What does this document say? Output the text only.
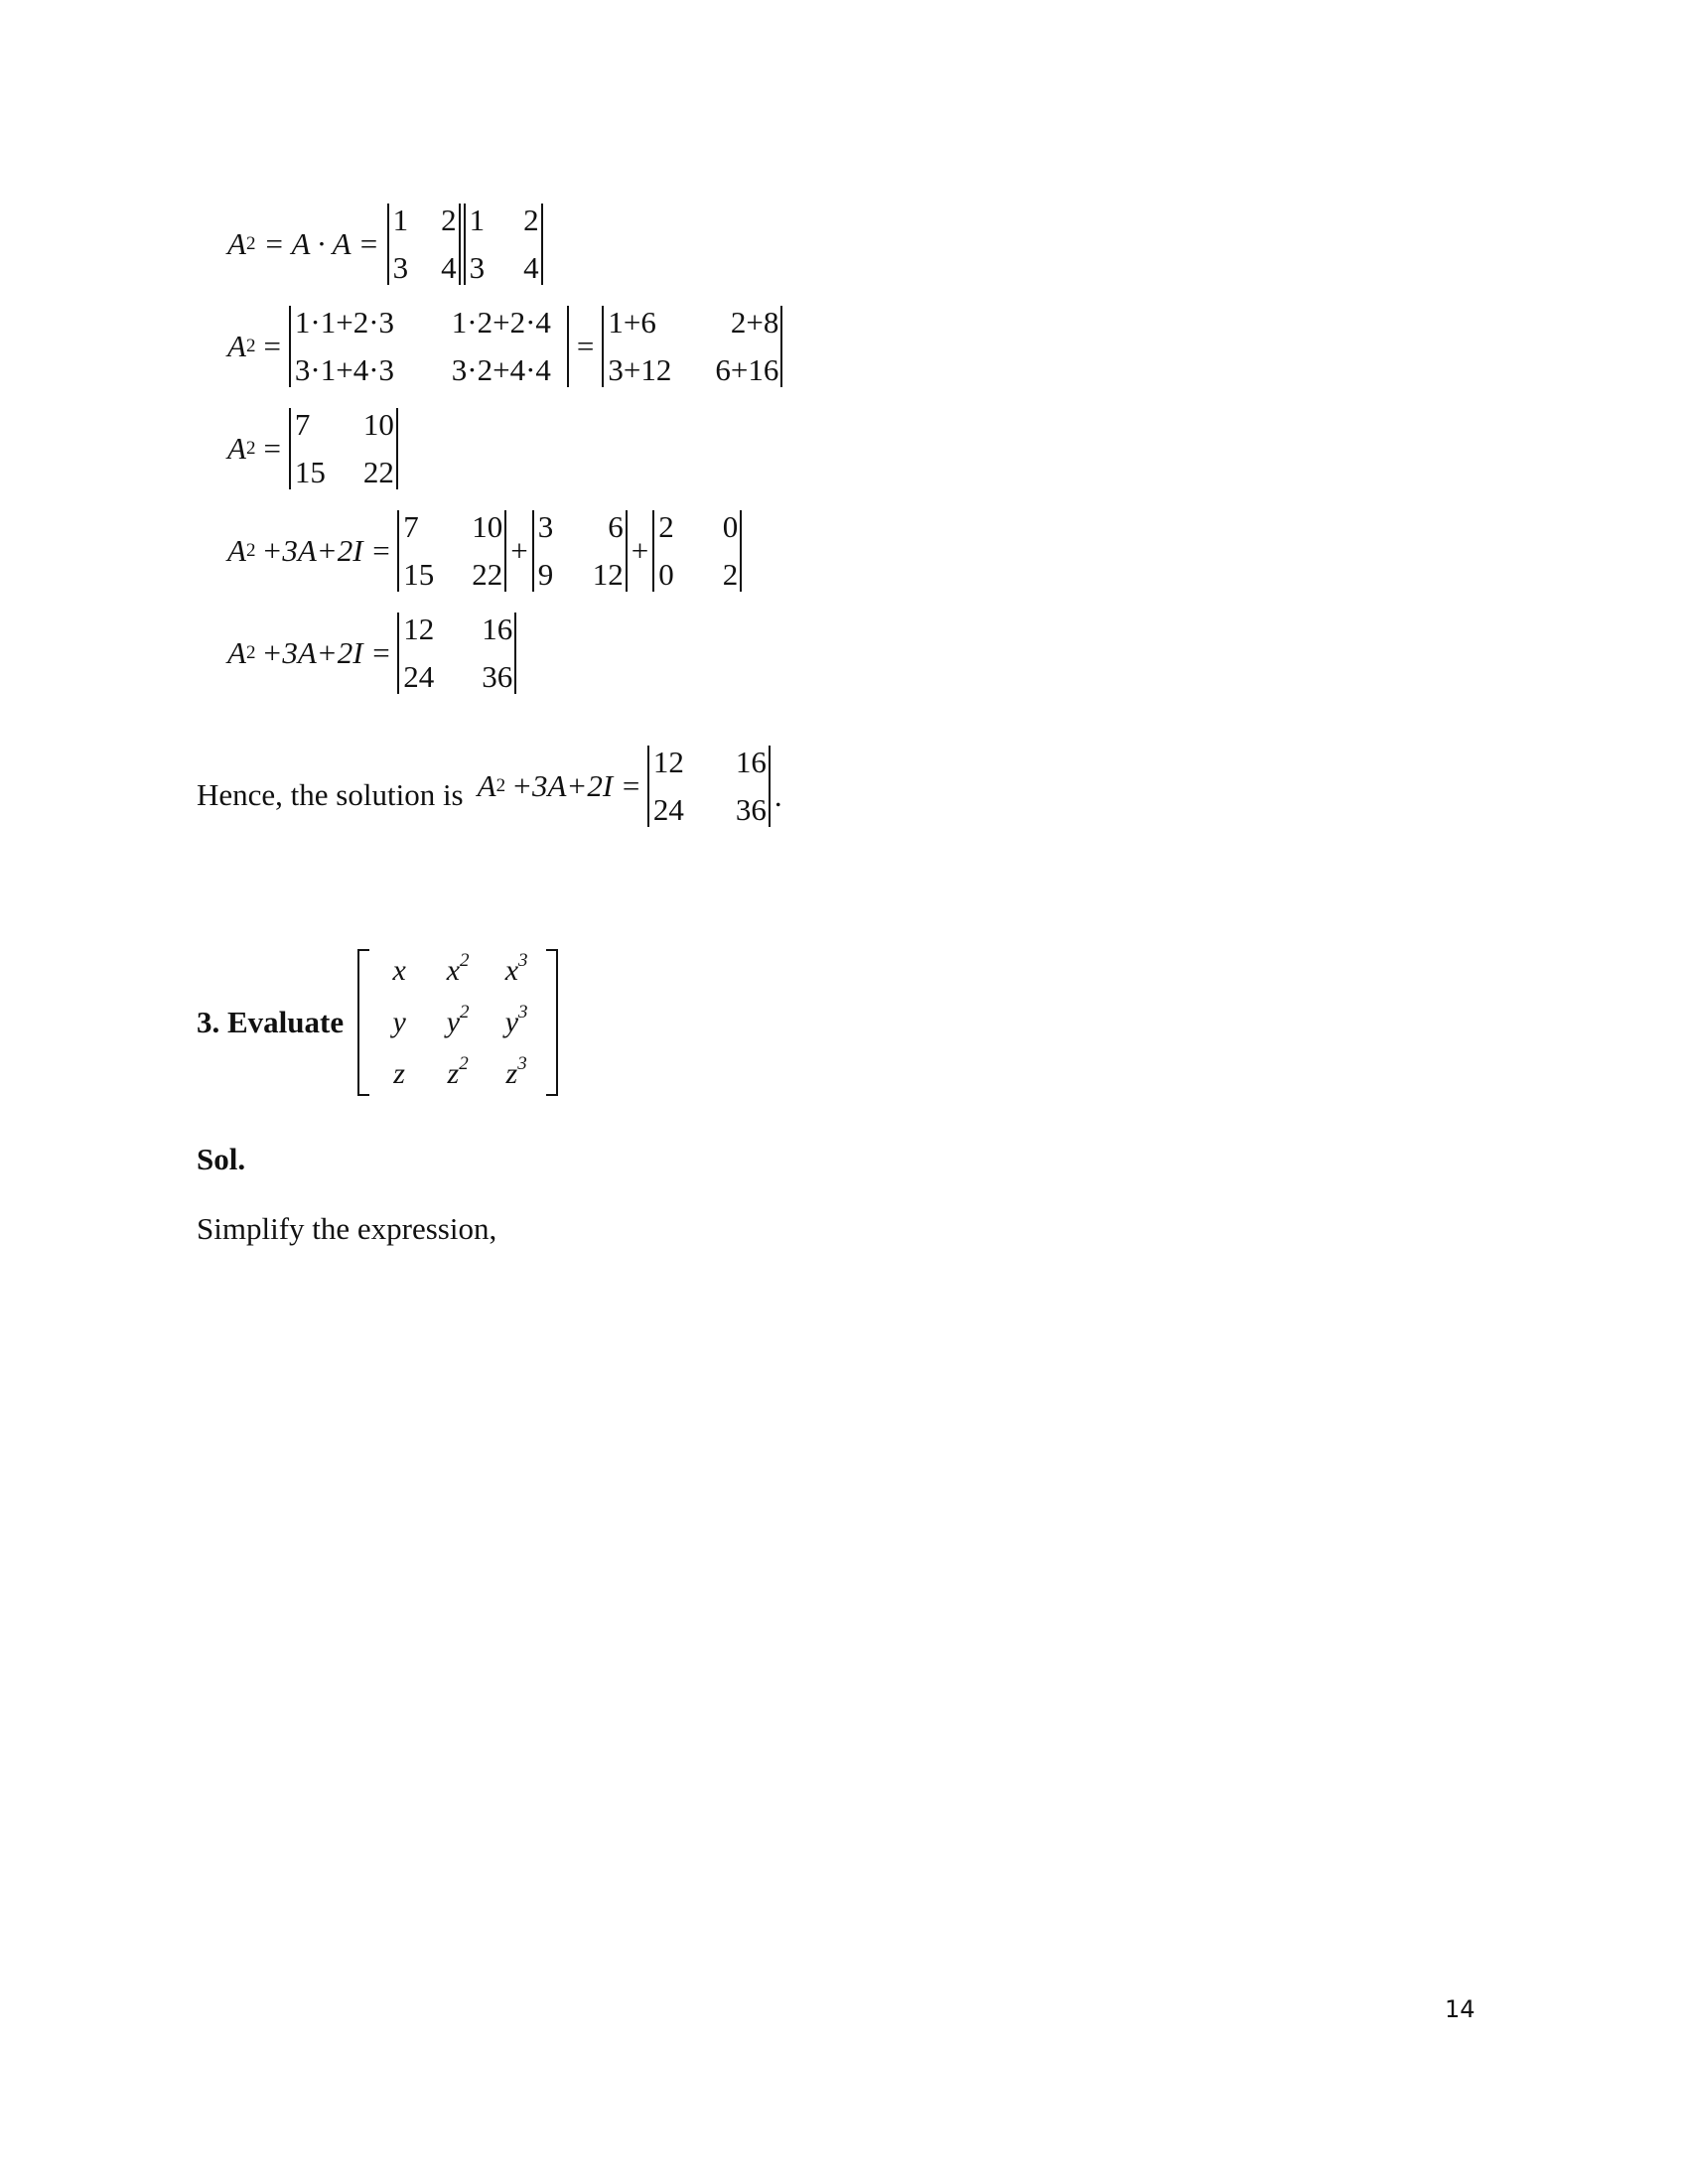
A 2 = A · A =
1 2
3 4
1 2
3 4
A 2 =
1·1+2·3 1·2+2·4
3·1+4·3 3·2+4·4
=
1+6 2+8
3+12 6+16
A 2 =
7 10
15 22
A 2 +3A+2I =
7 10
15 22
+
3 6
9 12
+
2 0
0 2
A 2 +3A+2I =
12 16
24 36
Hence, the solution is A 2 +3A+2I =
12 16
24 36 .
3. Evaluate
x	$x^2$	$x^3$
y	$y^2$	$y^3$
z	$z^2$	$z^3$
Sol.
Simplify the expression,
14
